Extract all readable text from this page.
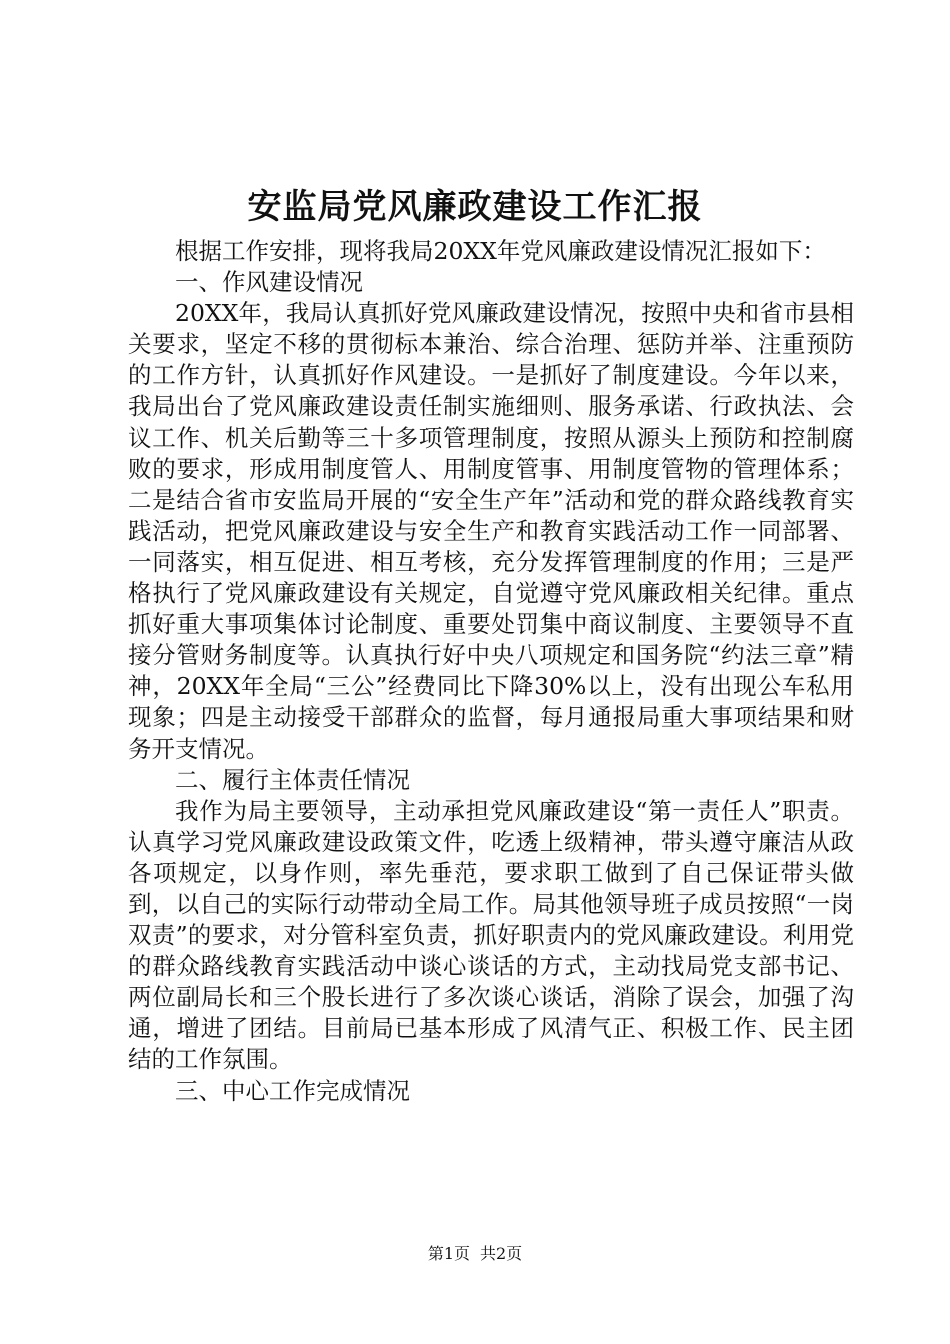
安监局党风廉政建设工作汇报

根据工作安排，现将我局20XX年党风廉政建设情况汇报如下：

一、作风建设情况

20XX年，我局认真抓好党风廉政建设情况，按照中央和省市县相关要求，坚定不移的贯彻标本兼治、综合治理、惩防并举、注重预防的工作方针，认真抓好作风建设。一是抓好了制度建设。今年以来，我局出台了党风廉政建设责任制实施细则、服务承诺、行政执法、会议工作、机关后勤等三十多项管理制度，按照从源头上预防和控制腐败的要求，形成用制度管人、用制度管事、用制度管物的管理体系；二是结合省市安监局开展的“安全生产年”活动和党的群众路线教育实践活动，把党风廉政建设与安全生产和教育实践活动工作一同部署、一同落实，相互促进、相互考核，充分发挥管理制度的作用；三是严格执行了党风廉政建设有关规定，自觉遵守党风廉政相关纪律。重点抓好重大事项集体讨论制度、重要处罚集中商议制度、主要领导不直接分管财务制度等。认真执行好中央八项规定和国务院“约法三章”精神，20XX年全局“三公”经费同比下降30%以上，没有出现公车私用现象；四是主动接受干部群众的监督，每月通报局重大事项结果和财务开支情况。

二、履行主体责任情况

我作为局主要领导，主动承担党风廉政建设“第一责任人”职责。认真学习党风廉政建设政策文件，吃透上级精神，带头遵守廉洁从政各项规定，以身作则，率先垂范，要求职工做到了自己保证带头做到，以自己的实际行动带动全局工作。局其他领导班子成员按照“一岗双责”的要求，对分管科室负责，抓好职责内的党风廉政建设。利用党的群众路线教育实践活动中谈心谈话的方式，主动找局党支部书记、两位副局长和三个股长进行了多次谈心谈话，消除了误会，加强了沟通，增进了团结。目前局已基本形成了风清气正、积极工作、民主团结的工作氛围。

三、中心工作完成情况

第1页 共2页
